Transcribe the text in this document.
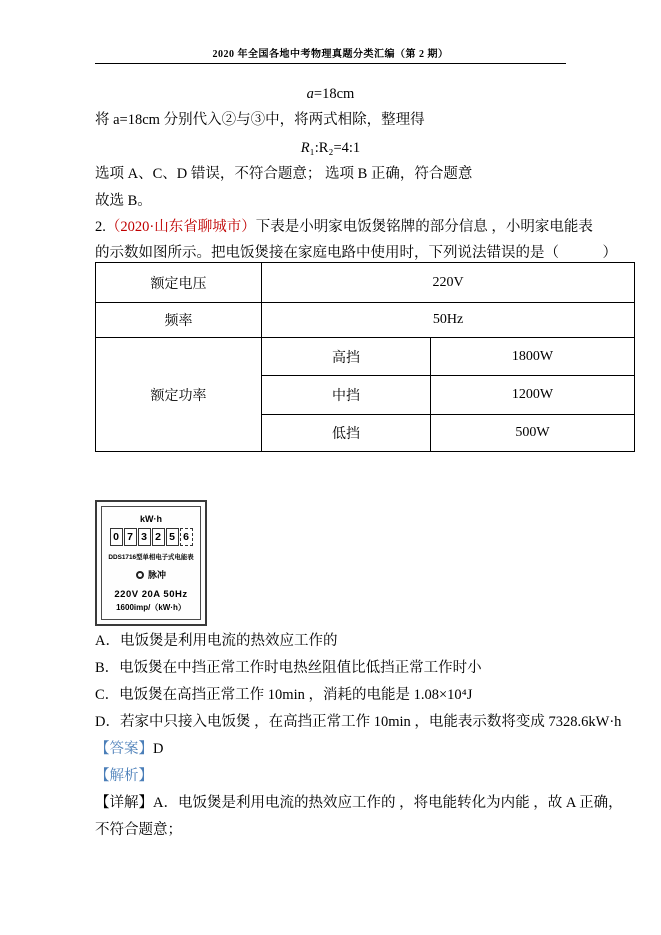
2020 年全国各地中考物理真题分类汇编（第 2 期）
a=18cm
将 a=18cm 分别代入②与③中，将两式相除，整理得
R₁:R₂=4:1
选项 A、C、D 错误，不符合题意； 选项 B 正确，符合题意
故选 B。
2.（2020·山东省聊城市）下表是小明家电饭煲铭牌的部分信息 ，小明家电能表
的示数如图所示。把电饭煲接在家庭电路中使用时，下列说法错误的是（　　　）
额定电压	220V	
频率	50Hz	
额定功率	高挡	1800W
	中挡	1200W
	低挡	500W
kW·h
0 7 3 2 5 6
DDS1716型单相电子式电能表
脉冲
220V 20A 50Hz
1600imp/（kW·h）
A．电饭煲是利用电流的热效应工作的
B．电饭煲在中挡正常工作时电热丝阻值比低挡正常工作时小
C．电饭煲在高挡正常工作 10min ，消耗的电能是 1.08×10⁴J
D．若家中只接入电饭煲 ，在高挡正常工作 10min ，电能表示数将变成 7328.6kW·h
【答案】D
【解析】
【详解】A．电饭煲是利用电流的热效应工作的 ，将电能转化为内能 ，故 A 正确，
不符合题意；
